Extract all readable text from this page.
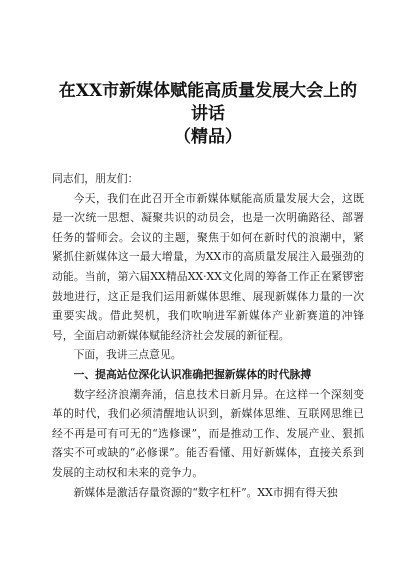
在XX市新媒体赋能高质量发展大会上的讲话
（精品）

同志们，朋友们：

今天，我们在此召开全市新媒体赋能高质量发展大会，这既是一次统一思想、凝聚共识的动员会，也是一次明确路径、部署任务的誓师会。会议的主题，聚焦于如何在新时代的浪潮中，紧紧抓住新媒体这一最大增量，为XX市的高质量发展注入最强劲的动能。当前，第六届XX精品XX·XX文化周的筹备工作正在紧锣密鼓地进行，这正是我们运用新媒体思维、展现新媒体力量的一次重要实战。借此契机，我们吹响进军新媒体产业新赛道的冲锋号，全面启动新媒体赋能经济社会发展的新征程。

下面，我讲三点意见。

一、提高站位深化认识准确把握新媒体的时代脉搏

数字经济浪潮奔涌，信息技术日新月异。在这样一个深刻变革的时代，我们必须清醒地认识到，新媒体思维、互联网思维已经不再是可有可无的“选修课”，而是推动工作、发展产业、狠抓落实不可或缺的“必修课”。能否看懂、用好新媒体，直接关系到发展的主动权和未来的竞争力。

新媒体是激活存量资源的“数字杠杆”。XX市拥有得天独
